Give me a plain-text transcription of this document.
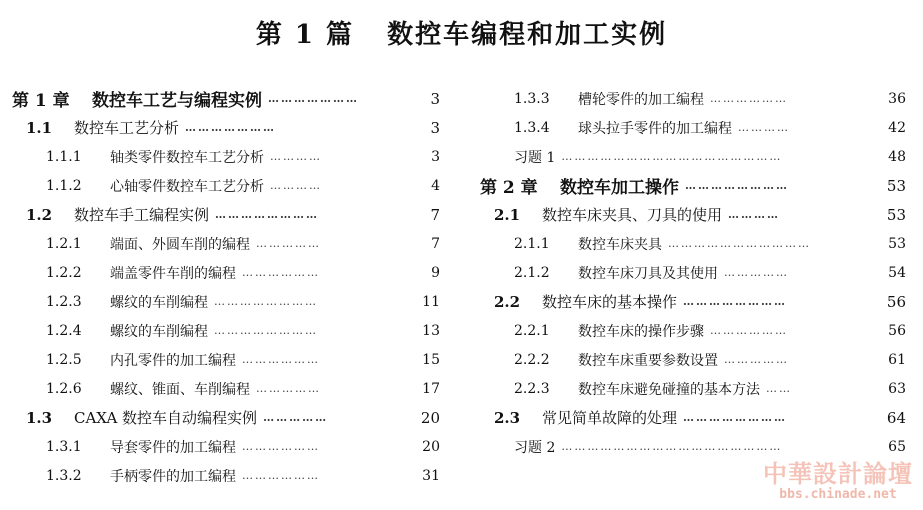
第 1 篇   数控车编程和加工实例
第 1 章	数控车工艺与编程实例 …………………	3
1.1	数控车工艺分析 …………………	3
1.1.1	轴类零件数控车工艺分析 …………	3
1.1.2	心轴零件数控车工艺分析 …………	4
1.2	数控车手工编程实例 ……………………	7
1.2.1	端面、外圆车削的编程 ……………	7
1.2.2	端盖零件车削的编程 ………………	9
1.2.3	螺纹的车削编程 ……………………	11
1.2.4	螺纹的车削编程 ……………………	13
1.2.5	内孔零件的加工编程 ………………	15
1.2.6	螺纹、锥面、车削编程 ……………	17
1.3	CAXA 数控车自动编程实例 ……………	20
1.3.1	导套零件的加工编程 ………………	20
1.3.2	手柄零件的加工编程 ………………	31
1.3.3	槽轮零件的加工编程 ………………	36
1.3.4	球头拉手零件的加工编程 …………	42
习题 1 ……………………………………………	48
第 2 章	数控车加工操作 ……………………	53
2.1	数控车床夹具、刀具的使用 …………	53
2.1.1	数控车床夹具 ……………………………	53
2.1.2	数控车床刀具及其使用 ……………	54
2.2	数控车床的基本操作 ……………………	56
2.2.1	数控车床的操作步骤 ………………	56
2.2.2	数控车床重要参数设置 ……………	61
2.2.3	数控车床避免碰撞的基本方法 ……	63
2.3	常见简单故障的处理 ……………………	64
习题 2 ……………………………………………	65
中華設計論壇
bbs.chinade.net
